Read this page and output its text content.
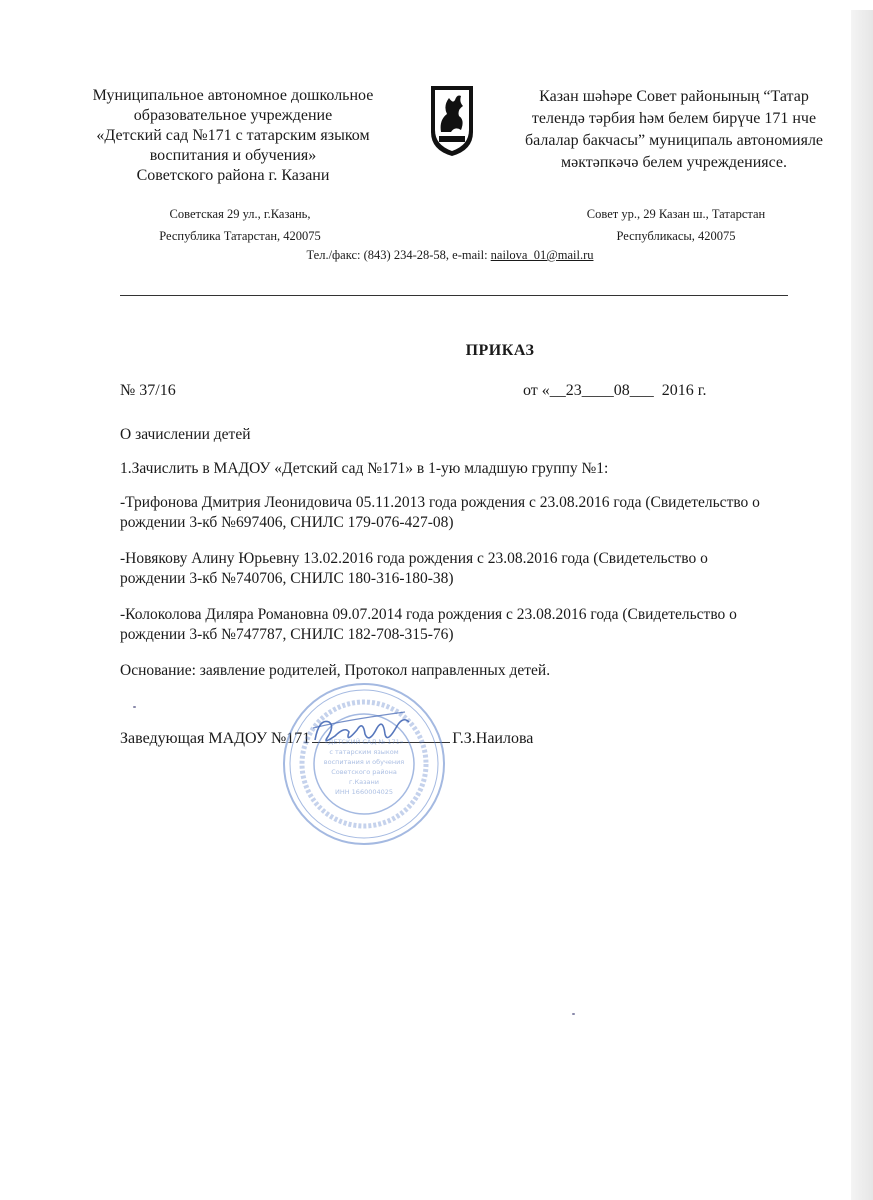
Муниципальное автономное дошкольное
образовательное учреждение
«Детский сад №171 с татарским языком
воспитания и обучения»
Советского района г. Казани
Казан шәһәре Совет районының “Татар
телендә тәрбия һәм белем бирүче 171 нче
балалар бакчасы” муниципаль автономияле
мәктәпкәчә белем учреждениясе.
Советская 29 ул., г.Казань,
Республика Татарстан, 420075
Совет ур., 29 Казан ш., Татарстан
Республикасы, 420075
Тел./факс: (843) 234-28-58, e-mail: nailova_01@mail.ru
ПРИКАЗ
№ 37/16	от «__23____08___  2016 г.

О зачислении детей

1.Зачислить в МАДОУ «Детский сад №171» в 1-ую младшую группу №1:

-Трифонова Дмитрия Леонидовича 05.11.2013 года рождения с 23.08.2016 года (Свидетельство о
рождении 3-кб №697406, СНИЛС 179-076-427-08)

-Новякову Алину Юрьевну 13.02.2016 года рождения с 23.08.2016 года (Свидетельство о
рождении 3-кб №740706, СНИЛС 180-316-180-38)

-Колоколова Диляра Романовна 09.07.2014 года рождения с 23.08.2016 года (Свидетельство о
рождении 3-кб №747787, СНИЛС 182-708-315-76)

Основание: заявление родителей, Протокол направленных детей.

Заведующая МАДОУ №171	Г.З.Наилова
«ДЕТСКИЙ САД № 171»
с татарским языком
воспитания и обучения
Советского района
г.Казани
ИНН 1660004025
